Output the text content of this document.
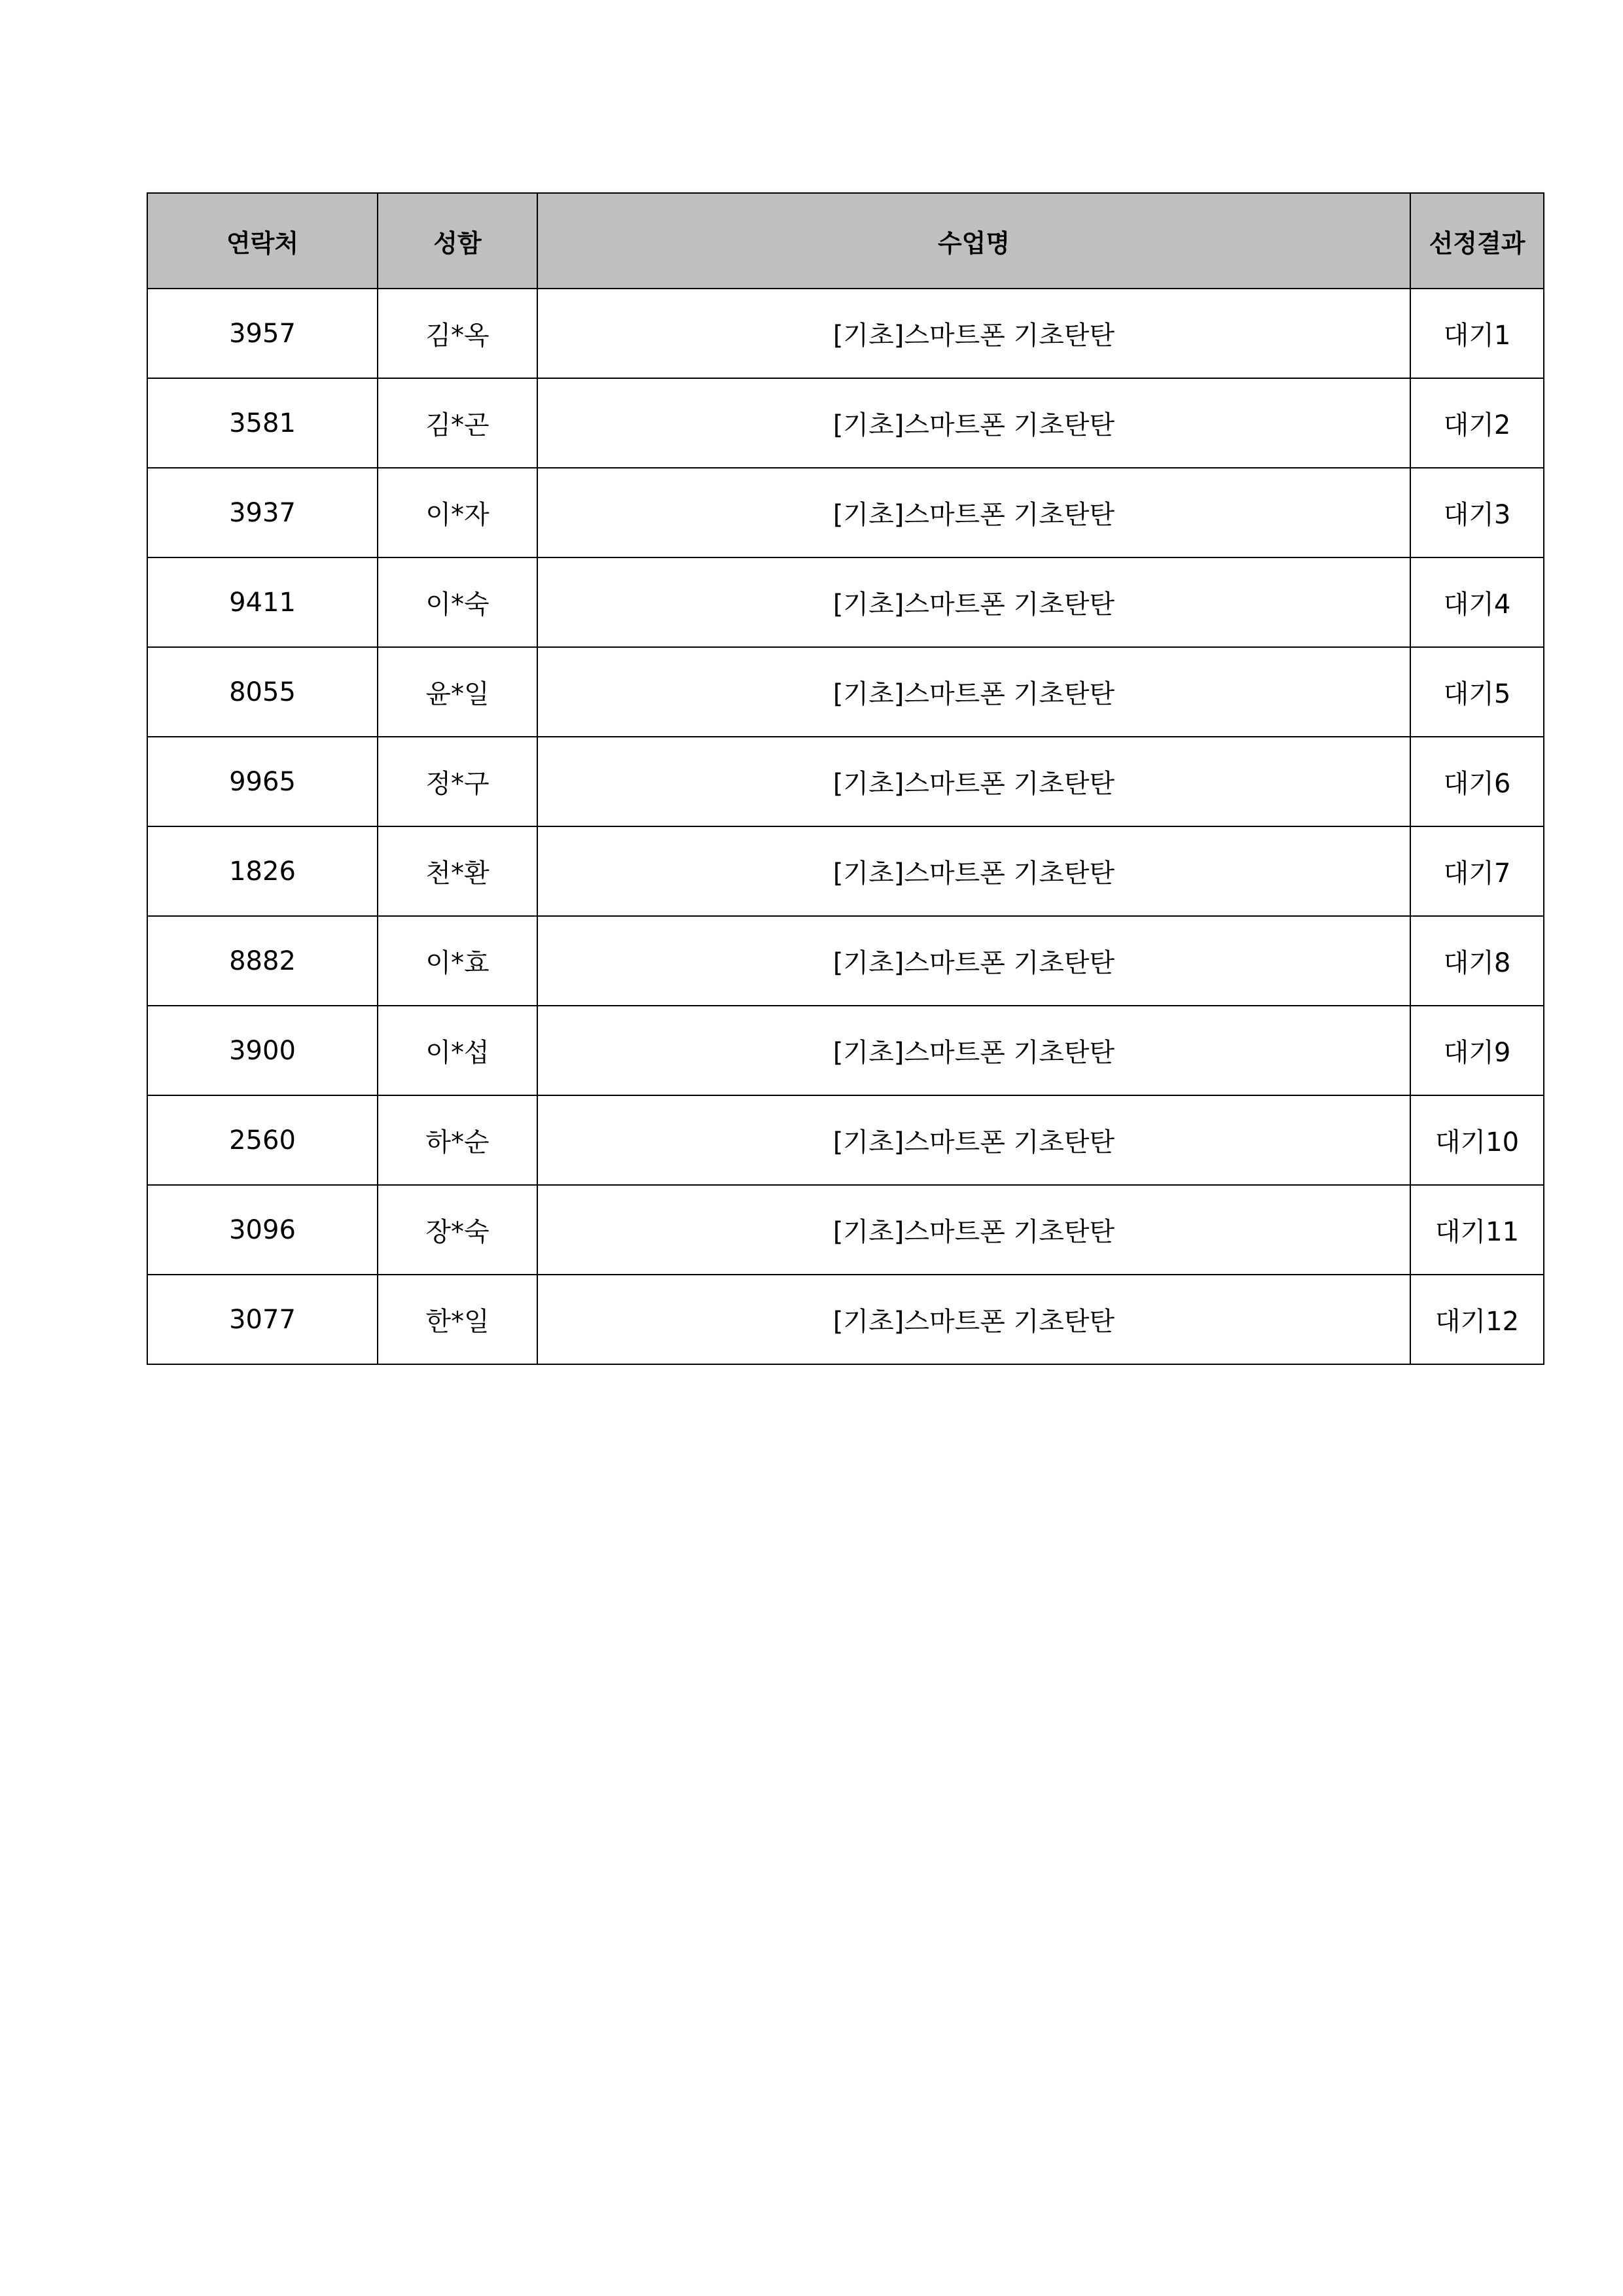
연락처	성함	수업명	선정결과
3957	김*옥	[기초]스마트폰 기초탄탄	대기1
3581	김*곤	[기초]스마트폰 기초탄탄	대기2
3937	이*자	[기초]스마트폰 기초탄탄	대기3
9411	이*숙	[기초]스마트폰 기초탄탄	대기4
8055	윤*일	[기초]스마트폰 기초탄탄	대기5
9965	정*구	[기초]스마트폰 기초탄탄	대기6
1826	천*환	[기초]스마트폰 기초탄탄	대기7
8882	이*효	[기초]스마트폰 기초탄탄	대기8
3900	이*섭	[기초]스마트폰 기초탄탄	대기9
2560	하*순	[기초]스마트폰 기초탄탄	대기10
3096	장*숙	[기초]스마트폰 기초탄탄	대기11
3077	한*일	[기초]스마트폰 기초탄탄	대기12
